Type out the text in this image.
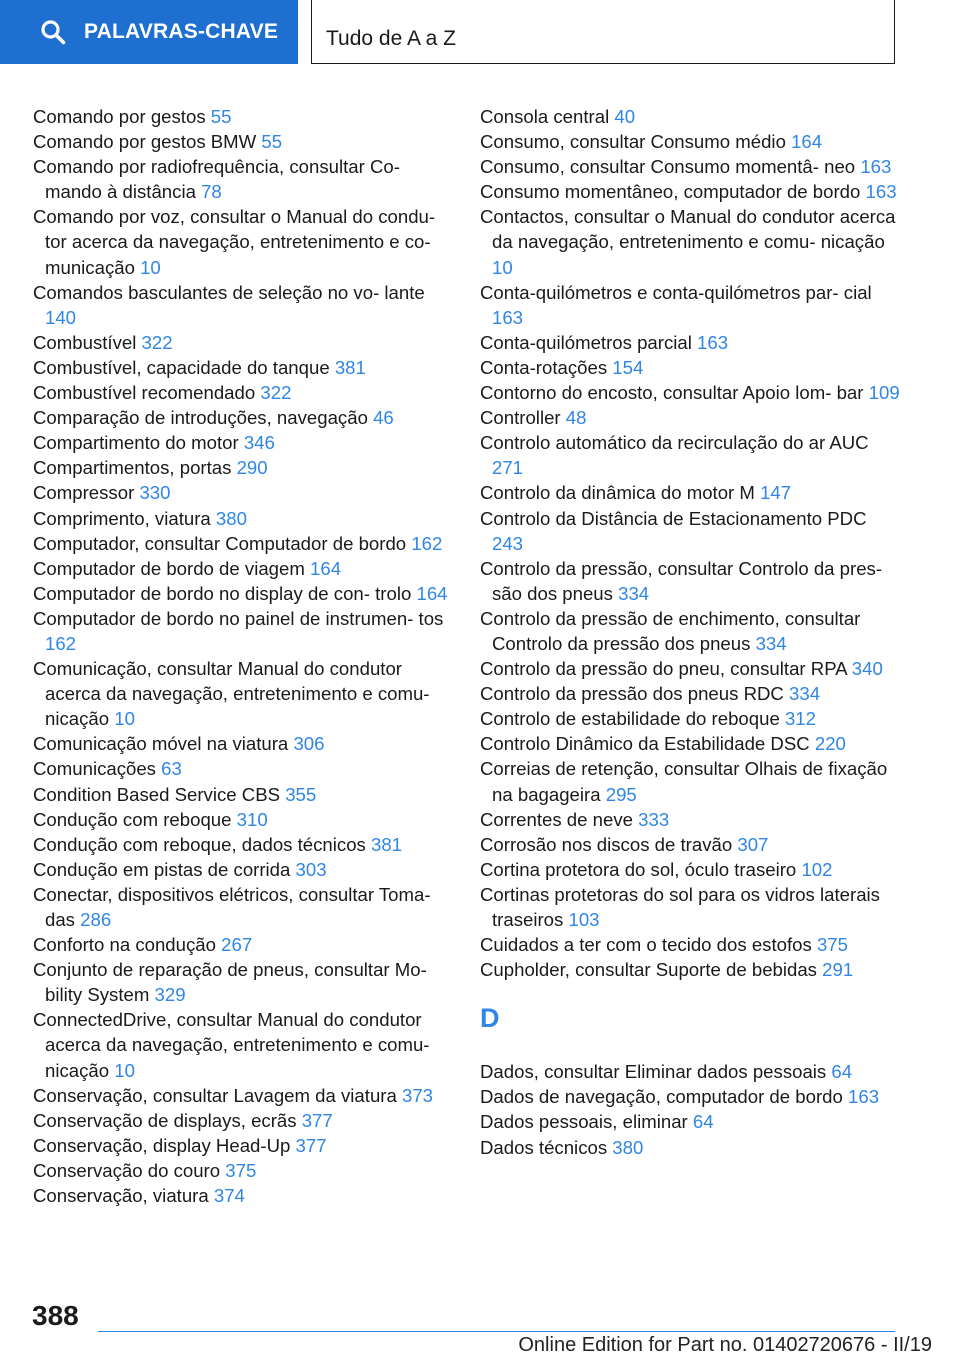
PALAVRAS-CHAVE	Tudo de A a Z
Comando por gestos 55
Comando por gestos BMW 55
Comando por radiofrequência, consultar Co‐ mando à distância 78
Comando por voz, consultar o Manual do condu‐ tor acerca da navegação, entretenimento e co‐ municação 10
Comandos basculantes de seleção no vo‐ lante 140
Combustível 322
Combustível, capacidade do tanque 381
Combustível recomendado 322
Comparação de introduções, navegação 46
Compartimento do motor 346
Compartimentos, portas 290
Compressor 330
Comprimento, viatura 380
Computador, consultar Computador de bordo 162
Computador de bordo de viagem 164
Computador de bordo no display de con‐ trolo 164
Computador de bordo no painel de instrumen‐ tos 162
Comunicação, consultar Manual do condutor acerca da navegação, entretenimento e comu‐ nicação 10
Comunicação móvel na viatura 306
Comunicações 63
Condition Based Service CBS 355
Condução com reboque 310
Condução com reboque, dados técnicos 381
Condução em pistas de corrida 303
Conectar, dispositivos elétricos, consultar Toma‐ das 286
Conforto na condução 267
Conjunto de reparação de pneus, consultar Mo‐ bility System 329
ConnectedDrive, consultar Manual do condutor acerca da navegação, entretenimento e comu‐ nicação 10
Conservação, consultar Lavagem da viatura 373
Conservação de displays, ecrãs 377
Conservação, display Head-Up 377
Conservação do couro 375
Conservação, viatura 374
Consola central 40
Consumo, consultar Consumo médio 164
Consumo, consultar Consumo momentâ‐ neo 163
Consumo momentâneo, computador de bordo 163
Contactos, consultar o Manual do condutor acerca da navegação, entretenimento e comu‐ nicação 10
Conta-quilómetros e conta-quilómetros par‐ cial 163
Conta-quilómetros parcial 163
Conta-rotações 154
Contorno do encosto, consultar Apoio lom‐ bar 109
Controller 48
Controlo automático da recirculação do ar AUC 271
Controlo da dinâmica do motor M 147
Controlo da Distância de Estacionamento PDC 243
Controlo da pressão, consultar Controlo da pres‐ são dos pneus 334
Controlo da pressão de enchimento, consultar Controlo da pressão dos pneus 334
Controlo da pressão do pneu, consultar RPA 340
Controlo da pressão dos pneus RDC 334
Controlo de estabilidade do reboque 312
Controlo Dinâmico da Estabilidade DSC 220
Correias de retenção, consultar Olhais de fixação na bagageira 295
Correntes de neve 333
Corrosão nos discos de travão 307
Cortina protetora do sol, óculo traseiro 102
Cortinas protetoras do sol para os vidros laterais traseiros 103
Cuidados a ter com o tecido dos estofos 375
Cupholder, consultar Suporte de bebidas 291
D
Dados, consultar Eliminar dados pessoais 64
Dados de navegação, computador de bordo 163
Dados pessoais, eliminar 64
Dados técnicos 380
388
Online Edition for Part no. 01402720676 - II/19
